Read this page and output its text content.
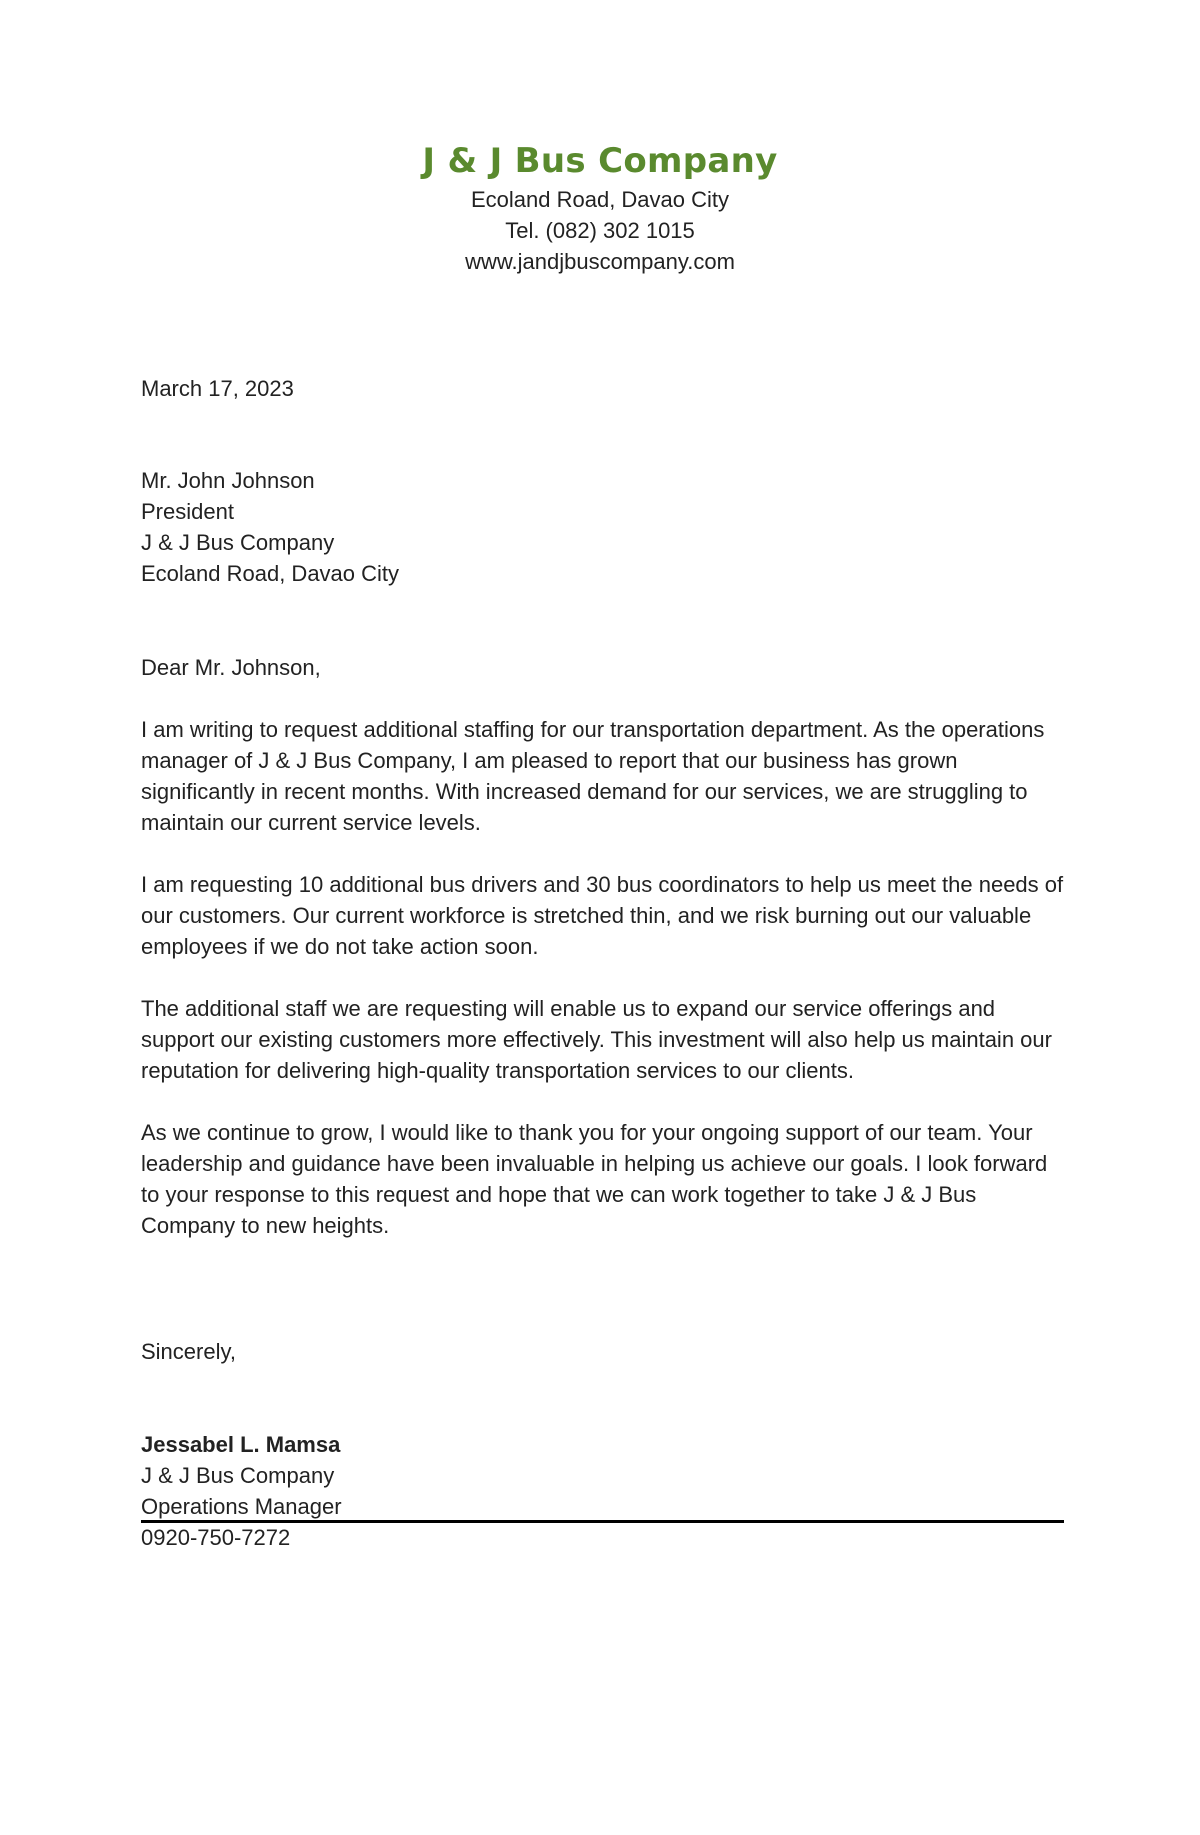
J & J Bus Company
Ecoland Road, Davao City
Tel. (082) 302 1015
www.jandjbuscompany.com
March 17, 2023
Mr. John Johnson
President
J & J Bus Company
Ecoland Road, Davao City
Dear Mr. Johnson,

I am writing to request additional staffing for our transportation department. As the operations manager of J & J Bus Company, I am pleased to report that our business has grown significantly in recent months. With increased demand for our services, we are struggling to maintain our current service levels.

I am requesting 10 additional bus drivers and 30 bus coordinators to help us meet the needs of our customers. Our current workforce is stretched thin, and we risk burning out our valuable employees if we do not take action soon.

The additional staff we are requesting will enable us to expand our service offerings and support our existing customers more effectively. This investment will also help us maintain our reputation for delivering high-quality transportation services to our clients.

As we continue to grow, I would like to thank you for your ongoing support of our team. Your leadership and guidance have been invaluable in helping us achieve our goals. I look forward to your response to this request and hope that we can work together to take J & J Bus Company to new heights.

Sincerely,
Jessabel L. Mamsa
J & J Bus Company
Operations Manager
0920-750-7272
